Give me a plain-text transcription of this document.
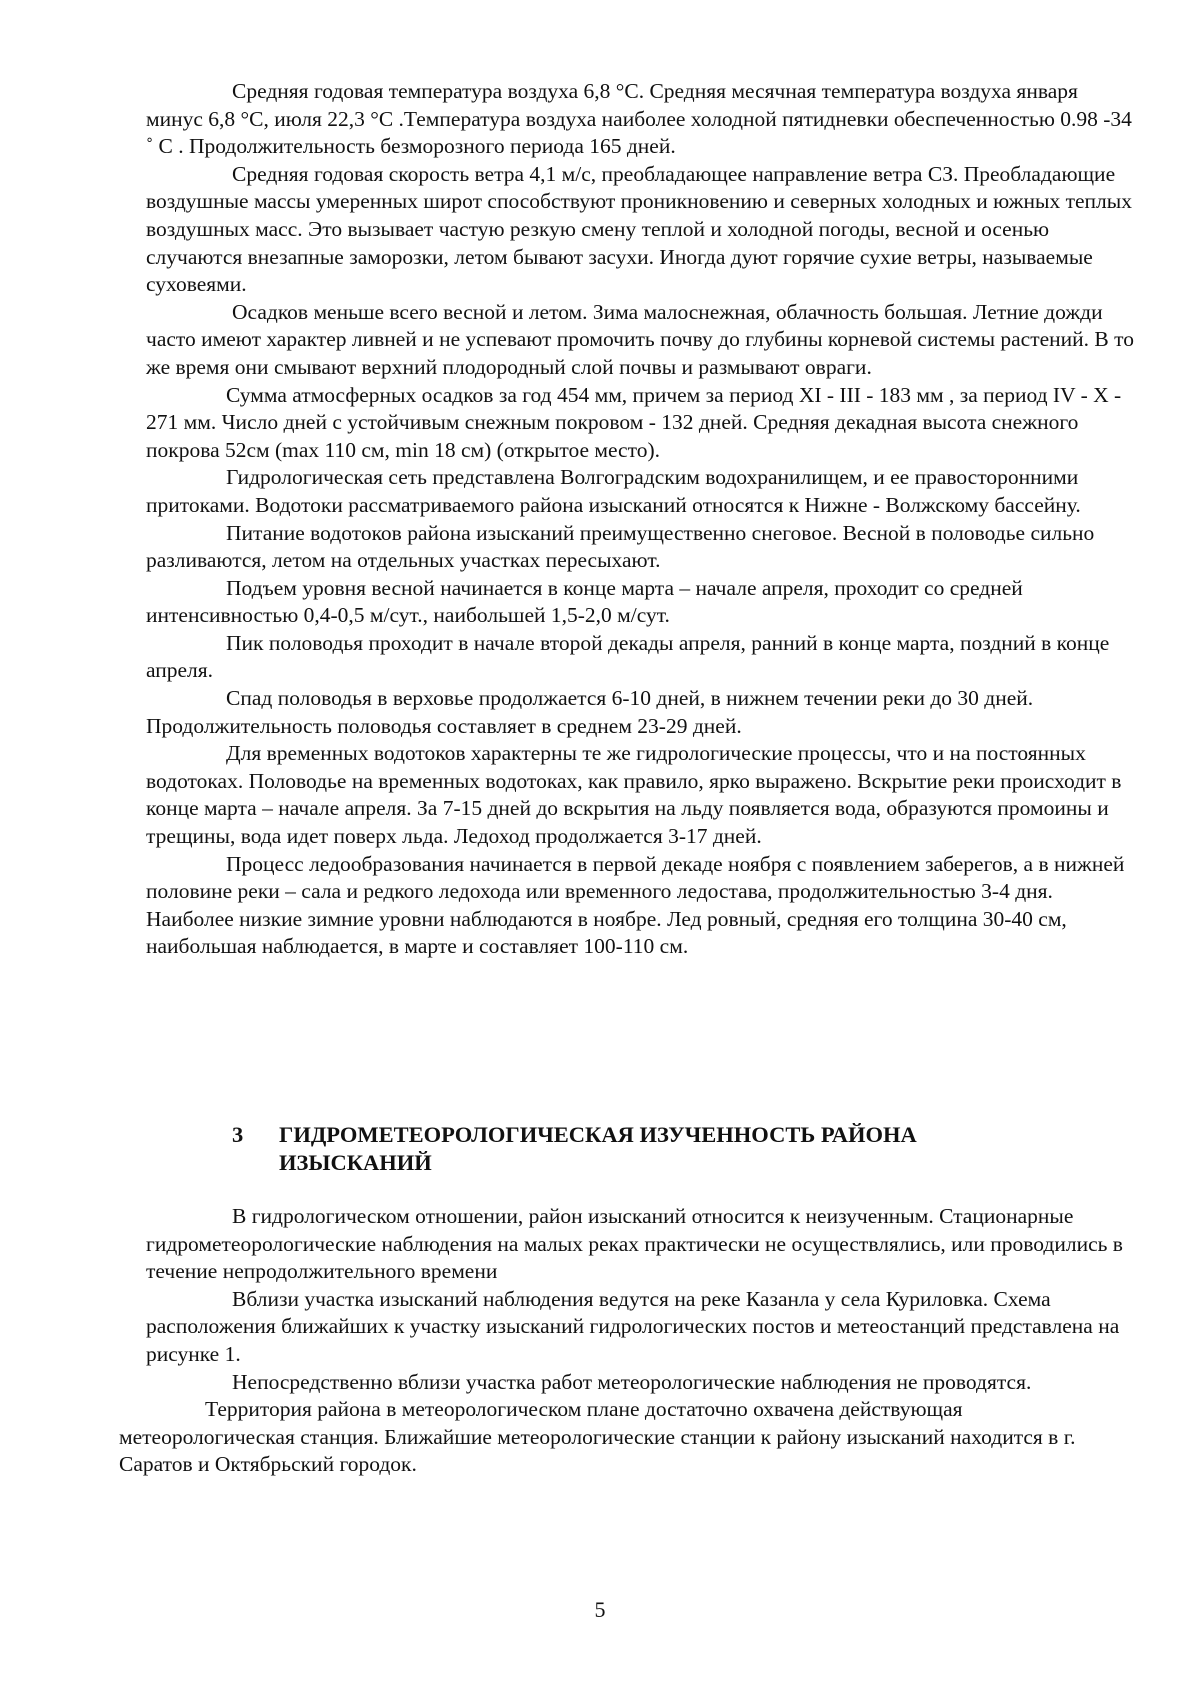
Средняя годовая температура воздуха 6,8 °С. Средняя месячная температура воздуха января минус 6,8 °С, июля 22,3 °С .Температура воздуха наиболее холодной пятидневки обеспеченностью 0.98 -34 ˚ С . Продолжительность безморозного периода 165 дней.

Средняя годовая скорость ветра 4,1 м/с, преобладающее направление ветра СЗ. Преобладающие воздушные массы умеренных широт способствуют проникновению и северных холодных и южных теплых воздушных масс. Это вызывает частую резкую смену теплой и холодной погоды, весной и осенью случаются внезапные заморозки, летом бывают засухи. Иногда дуют горячие сухие ветры, называемые суховеями.

Осадков меньше всего весной и летом. Зима малоснежная, облачность большая. Летние дожди часто имеют характер ливней и не успевают промочить почву до глубины корневой системы растений. В то же время они смывают верхний плодородный слой почвы и размывают овраги.

Сумма атмосферных осадков за год 454 мм, причем за период XI - III - 183 мм , за период IV - X - 271 мм. Число дней с устойчивым снежным покровом - 132 дней. Средняя декадная высота снежного покрова 52см (max 110 см, min 18 см) (открытое место).

Гидрологическая сеть представлена Волгоградским водохранилищем, и ее правосторонними притоками. Водотоки рассматриваемого района изысканий относятся к Нижне - Волжскому бассейну.

Питание водотоков района изысканий преимущественно снеговое. Весной в половодье сильно разливаются, летом на отдельных участках пересыхают.

Подъем уровня весной начинается в конце марта – начале апреля, проходит со средней интенсивностью 0,4-0,5 м/сут., наибольшей 1,5-2,0 м/сут.

Пик половодья проходит в начале второй декады апреля, ранний в конце марта, поздний в конце апреля.

Спад половодья в верховье продолжается 6-10 дней, в нижнем течении реки до 30 дней. Продолжительность половодья составляет в среднем 23-29 дней.

Для временных водотоков характерны те же гидрологические процессы, что и на постоянных водотоках. Половодье на временных водотоках, как правило, ярко выражено. Вскрытие реки происходит в конце марта – начале апреля. За 7-15 дней до вскрытия на льду появляется вода, образуются промоины и трещины, вода идет поверх льда. Ледоход продолжается 3-17 дней.

Процесс ледообразования начинается в первой декаде ноября с появлением заберегов, а в нижней половине реки – сала и редкого ледохода или временного ледостава, продолжительностью 3-4 дня. Наиболее низкие зимние уровни наблюдаются в ноябре. Лед ровный, средняя его толщина 30-40 см, наибольшая наблюдается, в марте и составляет 100-110 см.

3 ГИДРОМЕТЕОРОЛОГИЧЕСКАЯ ИЗУЧЕННОСТЬ РАЙОНА ИЗЫСКАНИЙ

В гидрологическом отношении, район изысканий относится к неизученным. Стационарные гидрометеорологические наблюдения на малых реках практически не осуществлялись, или проводились в течение непродолжительного времени

Вблизи участка изысканий наблюдения ведутся на реке Казанла у села Куриловка. Схема расположения ближайших к участку изысканий гидрологических постов и метеостанций представлена на рисунке 1.

Непосредственно вблизи участка работ метеорологические наблюдения не проводятся.

Территория района в метеорологическом плане достаточно охвачена действующая метеорологическая станция. Ближайшие метеорологические станции к району изысканий находится в г. Саратов и Октябрьский городок.

5
